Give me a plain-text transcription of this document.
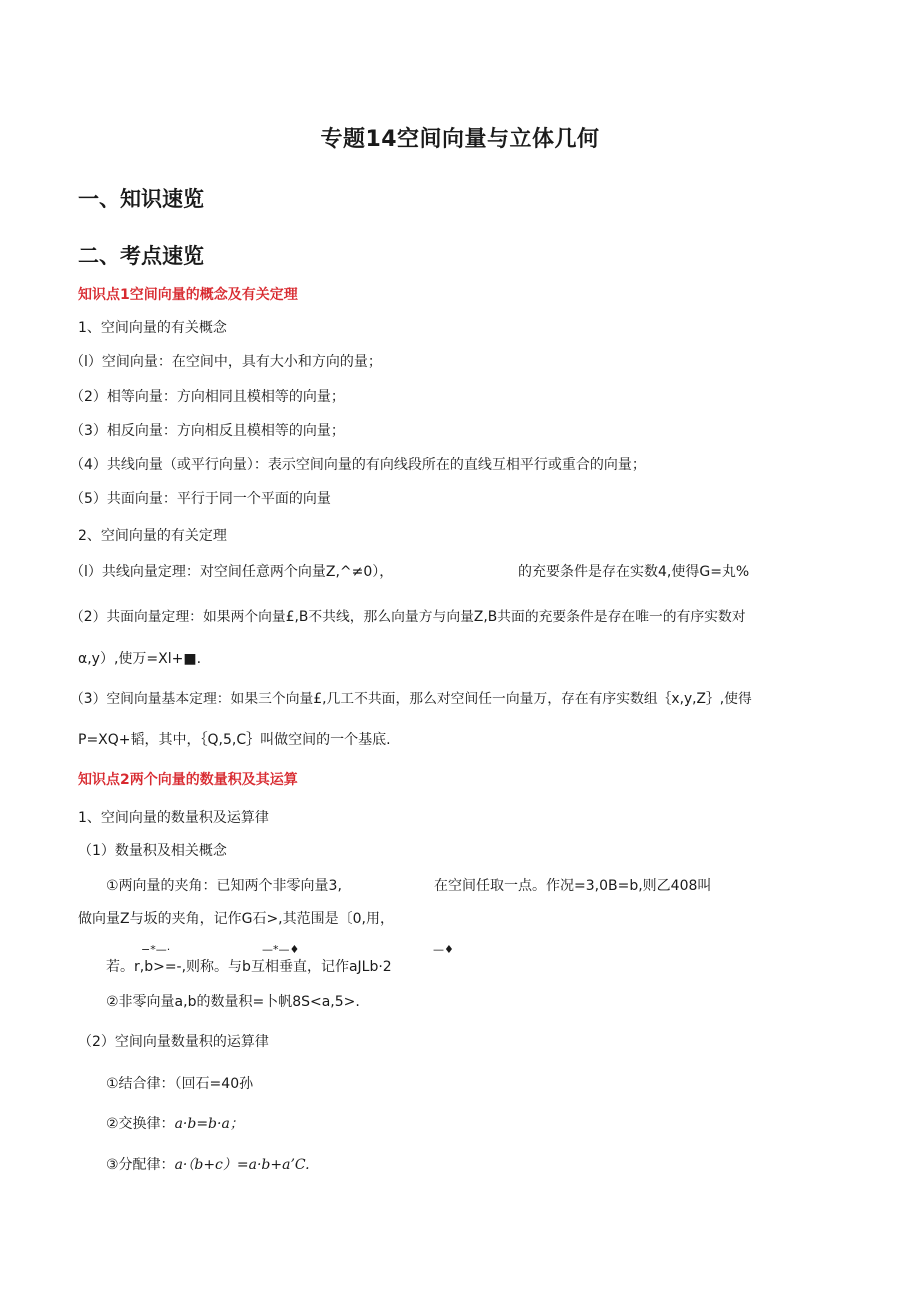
专题14空间向量与立体几何
一、知识速览
二、考点速览
知识点1空间向量的概念及有关定理
1、空间向量的有关概念
（l）空间向量：在空间中，具有大小和方向的量；
（2）相等向量：方向相同且模相等的向量；
（3）相反向量：方向相反且模相等的向量；
（4）共线向量（或平行向量）：表示空间向量的有向线段所在的直线互相平行或重合的向量；
（5）共面向量：平行于同一个平面的向量
2、空间向量的有关定理
（l）共线向量定理：对空间任意两个向量Z,^≠0），	的充要条件是存在实数4,使得G=丸%
（2）共面向量定理：如果两个向量£,B不共线，那么向量方与向量Z,B共面的充要条件是存在唯一的有序实数对
α,y）,使万=Xl+■.
（3）空间向量基本定理：如果三个向量£,几工不共面，那么对空间任一向量万，存在有序实数组｛x,y,Z｝,使得
P=XQ+韬，其中，｛Q,5,C｝叫做空间的一个基底.
知识点2两个向量的数量积及其运算
1、空间向量的数量积及运算律
（1）数量积及相关概念
①两向量的夹角：已知两个非零向量3,	在空间任取一点。作况=3,0B=b,则乙408叫
做向量Z与坂的夹角，记作G石>,其范围是〔0,用，
−*—·	—*—♦	—♦
若。r,b>=-,则称。与b互相垂直，记作aJLb·2
②非零向量a,b的数量积=卜帆8S<a,5>.
（2）空间向量数量积的运算律
①结合律：（回石=40孙
②交换律：a·b=b·a；
③分配律：a·（b+c）=a·b+a’C.
